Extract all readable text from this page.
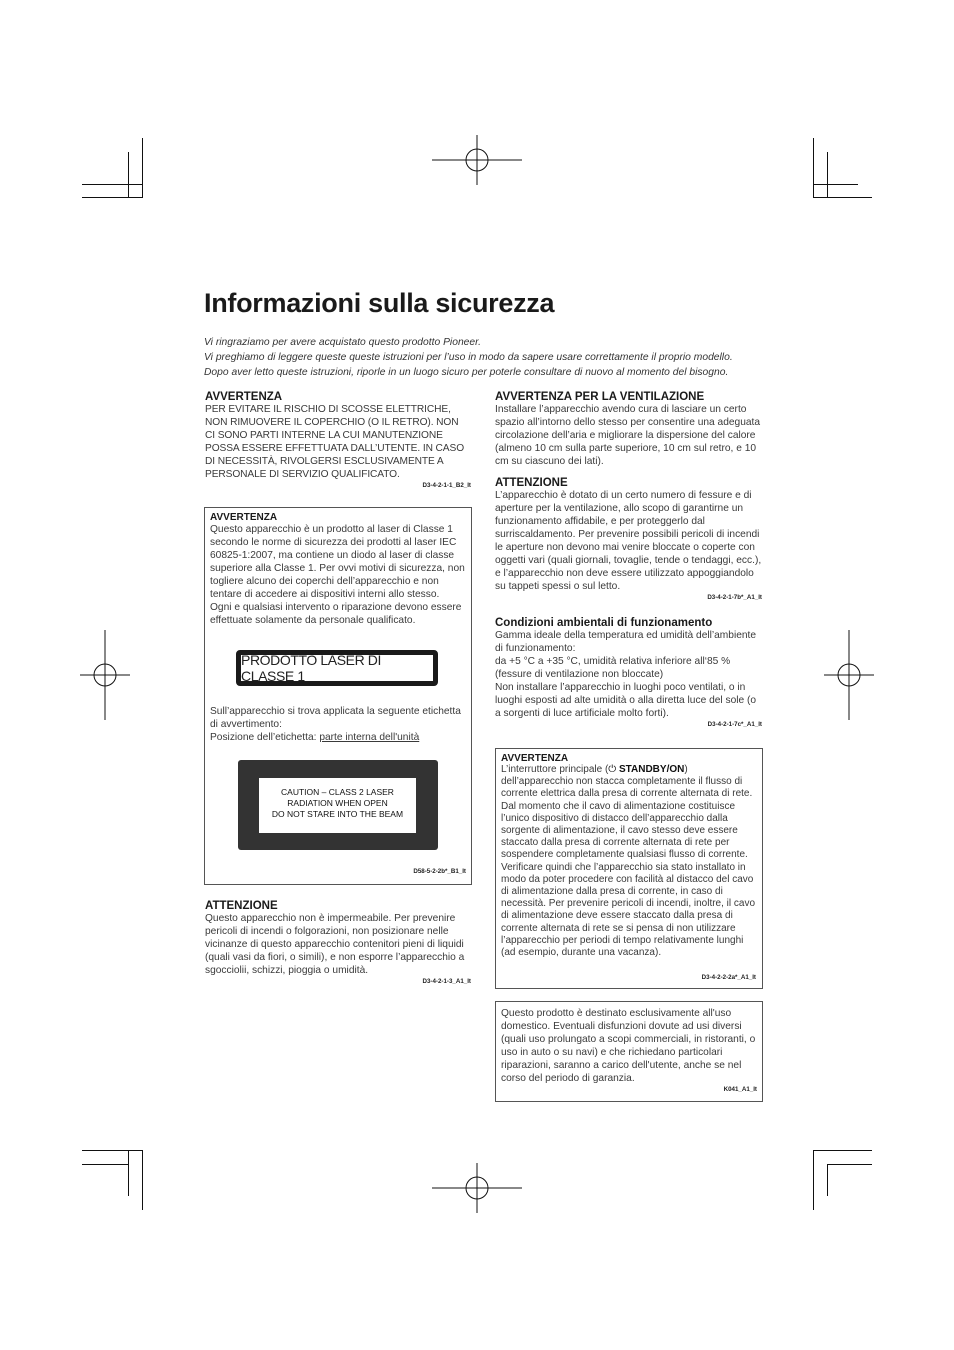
Informazioni sulla sicurezza
Vi ringraziamo per avere acquistato questo prodotto Pioneer.
Vi preghiamo di leggere queste queste istruzioni per l’uso in modo da sapere usare correttamente il proprio modello.
Dopo aver letto queste istruzioni, riporle in un luogo sicuro per poterle consultare di nuovo al momento del bisogno.

AVVERTENZA

PER EVITARE IL RISCHIO DI SCOSSE ELETTRICHE, NON RIMUOVERE IL COPERCHIO (O IL RETRO). NON CI SONO PARTI INTERNE LA CUI MANUTENZIONE POSSA ESSERE EFFETTUATA DALL’UTENTE. IN CASO DI NECESSITÀ, RIVOLGERSI ESCLUSIVAMENTE A PERSONALE DI SERVIZIO QUALIFICATO.

D3-4-2-1-1_B2_It
AVVERTENZA

Questo apparecchio è un prodotto al laser di Classe 1 secondo le norme di sicurezza dei prodotti al laser IEC 60825-1:2007, ma contiene un diodo al laser di classe superiore alla Classe 1. Per ovvi motivi di sicurezza, non togliere alcuno dei coperchi dell’apparecchio e non tentare di accedere ai dispositivi interni allo stesso.

Ogni e qualsiasi intervento o riparazione devono essere effettuate solamente da personale qualificato.

Sull’apparecchio si trova applicata la seguente etichetta di avvertimento:

Posizione dell’etichetta: parte interna dell'unità

D58-5-2-2b*_B1_It
PRODOTTO LASER DI CLASSE 1
CAUTION – CLASS 2 LASER
RADIATION WHEN OPEN
DO NOT STARE INTO THE BEAM

ATTENZIONE

Questo apparecchio non è impermeabile. Per prevenire pericoli di incendi o folgorazioni, non posizionare nelle vicinanze di questo apparecchio contenitori pieni di liquidi (quali vasi da fiori, o simili), e non esporre l’apparecchio a sgocciolii, schizzi, pioggia o umidità.

D3-4-2-1-3_A1_It

AVVERTENZA PER LA VENTILAZIONE

Installare l’apparecchio avendo cura di lasciare un certo spazio all’intorno dello stesso per consentire una adeguata circolazione dell’aria e migliorare la dispersione del calore (almeno 10 cm sulla parte superiore, 10 cm sul retro, e 10 cm su ciascuno dei lati).

ATTENZIONE

L’apparecchio è dotato di un certo numero di fessure e di aperture per la ventilazione, allo scopo di garantirne un funzionamento affidabile, e per proteggerlo dal surriscaldamento. Per prevenire possibili pericoli di incendi le aperture non devono mai venire bloccate o coperte con oggetti vari (quali giornali, tovaglie, tende o tendaggi, ecc.), e l’apparecchio non deve essere utilizzato appoggiandolo su tappeti spessi o sul letto.

D3-4-2-1-7b*_A1_It

Condizioni ambientali di funzionamento

Gamma ideale della temperatura ed umidità dell’ambiente di funzionamento:

da +5 °C a +35 °C, umidità relativa inferiore all‘85 % (fessure di ventilazione non bloccate)

Non installare l’apparecchio in luoghi poco ventilati, o in luoghi esposti ad alte umidità o alla diretta luce del sole (o a sorgenti di luce artificiale molto forti).

D3-4-2-1-7c*_A1_It
AVVERTENZA

L’interruttore principale (⏻ STANDBY/ON) dell’apparecchio non stacca completamente il flusso di corrente elettrica dalla presa di corrente alternata di rete. Dal momento che il cavo di alimentazione costituisce l’unico dispositivo di distacco dell’apparecchio dalla sorgente di alimentazione, il cavo stesso deve essere staccato dalla presa di corrente alternata di rete per sospendere completamente qualsiasi flusso di corrente. Verificare quindi che l’apparecchio sia stato installato in modo da poter procedere con facilità al distacco del cavo di alimentazione dalla presa di corrente, in caso di necessità. Per prevenire pericoli di incendi, inoltre, il cavo di alimentazione deve essere staccato dalla presa di corrente alternata di rete se si pensa di non utilizzare l’apparecchio per periodi di tempo relativamente lunghi (ad esempio, durante una vacanza).

D3-4-2-2-2a*_A1_It

Questo prodotto è destinato esclusivamente all'uso domestico. Eventuali disfunzioni dovute ad usi diversi (quali uso prolungato a scopi commerciali, in ristoranti, o uso in auto o su navi) e che richiedano particolari riparazioni, saranno a carico dell'utente, anche se nel corso del periodo di garanzia.

K041_A1_It
